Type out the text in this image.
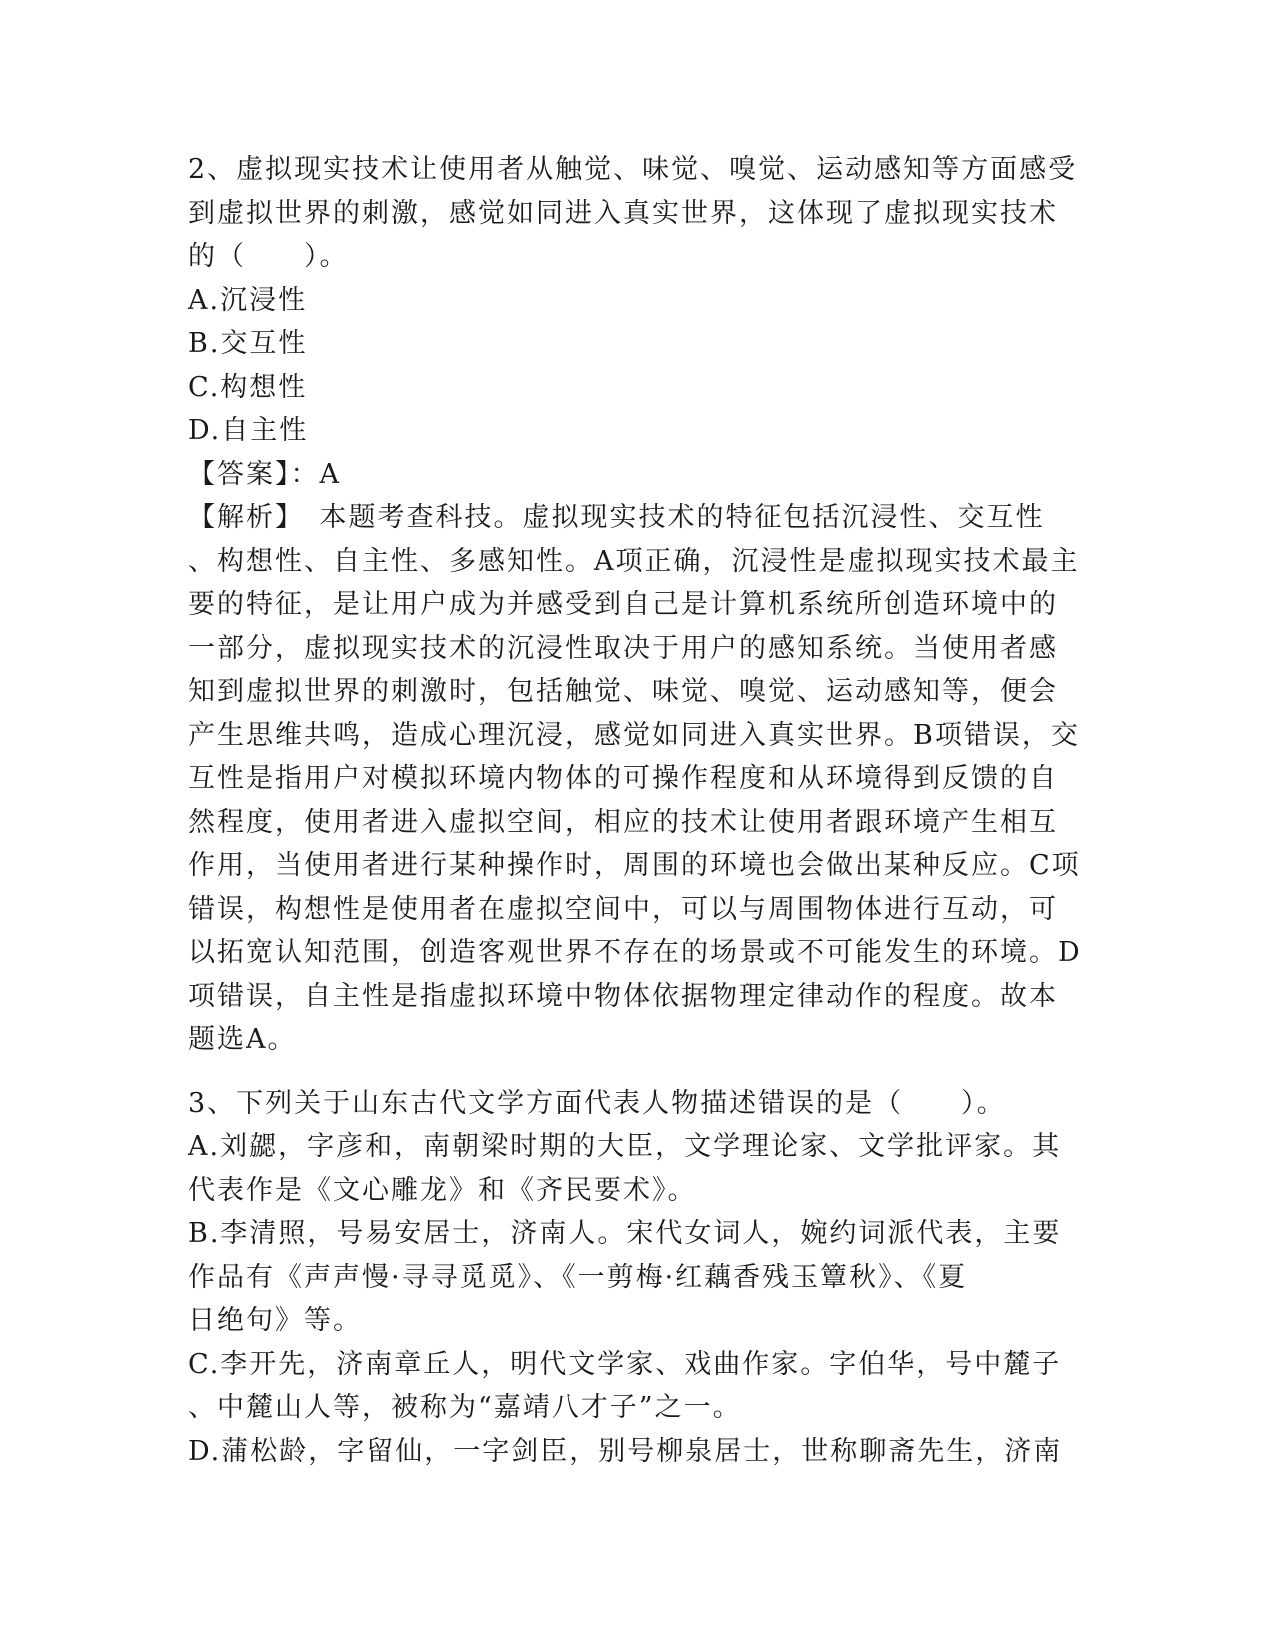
2、虚拟现实技术让使用者从触觉、味觉、嗅觉、运动感知等方面感受
到虚拟世界的刺激，感觉如同进入真实世界，这体现了虚拟现实技术
的（　　）。
A.沉浸性
B.交互性
C.构想性
D.自主性
【答案】：A
【解析】　本题考查科技。虚拟现实技术的特征包括沉浸性、交互性
、构想性、自主性、多感知性。A项正确，沉浸性是虚拟现实技术最主
要的特征，是让用户成为并感受到自己是计算机系统所创造环境中的
一部分，虚拟现实技术的沉浸性取决于用户的感知系统。当使用者感
知到虚拟世界的刺激时，包括触觉、味觉、嗅觉、运动感知等，便会
产生思维共鸣，造成心理沉浸，感觉如同进入真实世界。B项错误，交
互性是指用户对模拟环境内物体的可操作程度和从环境得到反馈的自
然程度，使用者进入虚拟空间，相应的技术让使用者跟环境产生相互
作用，当使用者进行某种操作时，周围的环境也会做出某种反应。C项
错误，构想性是使用者在虚拟空间中，可以与周围物体进行互动，可
以拓宽认知范围，创造客观世界不存在的场景或不可能发生的环境。D
项错误，自主性是指虚拟环境中物体依据物理定律动作的程度。故本
题选A。
3、下列关于山东古代文学方面代表人物描述错误的是（　　）。
A.刘勰，字彦和，南朝梁时期的大臣，文学理论家、文学批评家。其
代表作是《文心雕龙》和《齐民要术》。
B.李清照，号易安居士，济南人。宋代女词人，婉约词派代表，主要
作品有《声声慢·寻寻觅觅》、《一剪梅·红藕香残玉簟秋》、《夏
日绝句》等。
C.李开先，济南章丘人，明代文学家、戏曲作家。字伯华，号中麓子
、中麓山人等，被称为“嘉靖八才子”之一。
D.蒲松龄，字留仙，一字剑臣，别号柳泉居士，世称聊斋先生，济南
